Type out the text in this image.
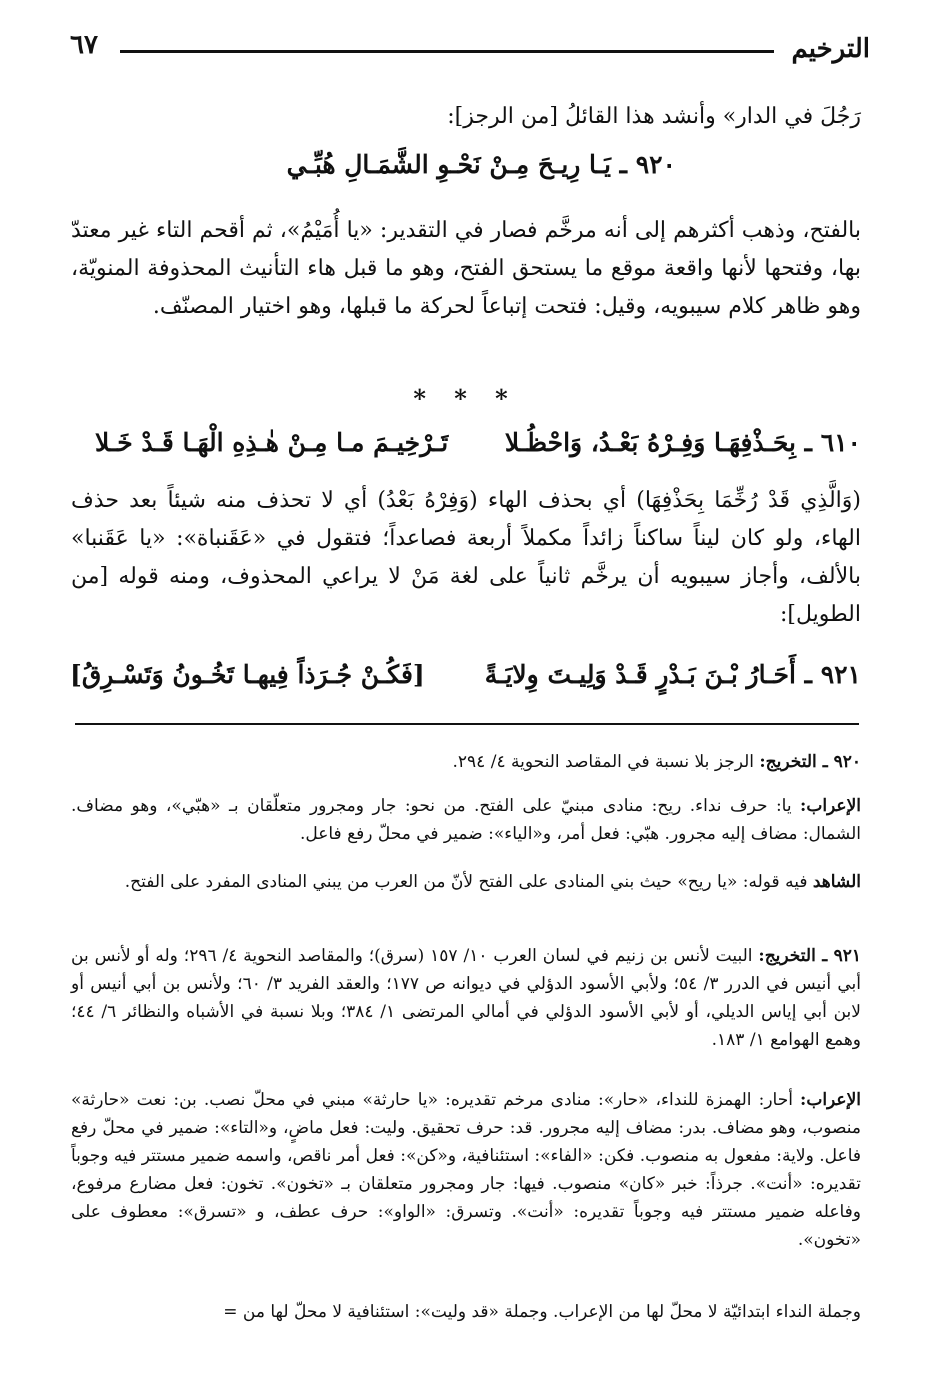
الترخيم
٦٧

رَجُلَ في الدار» وأنشد هذا القائلُ [من الرجز]:

٩٢٠ ـ يَـا رِيـحَ مِـنْ نَحْـوِ الشَّمَـالِ هُبِّـي

بالفتح، وذهب أكثرهم إلى أنه مرخَّم فصار في التقدير: «يا أُمَيْمُ»، ثم أقحم التاء غير معتدّ بها، وفتحها لأنها واقعة موقع ما يستحق الفتح، وهو ما قبل هاء التأنيث المحذوفة المنويّة، وهو ظاهر كلام سيبويه، وقيل: فتحت إتباعاً لحركة ما قبلها، وهو اختيار المصنّف.

* * *
٦١٠ ـ بِحَـذْفِهَـا وَفِـرْهُ بَعْـدُ، وَاحْظُـلا
تَـرْخِيـمَ مـا مِـنْ هٰـذِهِ الْهَـا قَـدْ خَـلا

(وَالَّذِي قَدْ رُخِّمَا بِحَذْفِهَا) أي بحذف الهاء (وَفِرْهُ بَعْدُ) أي لا تحذف منه شيئاً بعد حذف الهاء، ولو كان ليناً ساكناً زائداً مكملاً أربعة فصاعداً؛ فتقول في «عَقَنباة»: «يا عَقَنبا» بالألف، وأجاز سيبويه أن يرخَّم ثانياً على لغة مَنْ لا يراعي المحذوف، ومنه قوله [من الطويل]:

٩٢١ ـ أَحَـارُ بْـنَ بَـدْرٍ قَـدْ وَلِيـتَ وِلايَـةً
[فَكُـنْ جُـرَذاً فِيهـا تَخُـونُ وَتَسْـرِقُ]

٩٢٠ ـ التخريج: الرجز بلا نسبة في المقاصد النحوية ٤/ ٢٩٤.

الإعراب: يا: حرف نداء. ريح: منادى مبنيّ على الفتح. من نحو: جار ومجرور متعلّقان بـ «هبّي»، وهو مضاف. الشمال: مضاف إليه مجرور. هبّي: فعل أمر، و«الياء»: ضمير في محلّ رفع فاعل.

الشاهد فيه قوله: «يا ريح» حيث بني المنادى على الفتح لأنّ من العرب من يبني المنادى المفرد على الفتح.

٩٢١ ـ التخريج: البيت لأنس بن زنيم في لسان العرب ١٠/ ١٥٧ (سرق)؛ والمقاصد النحوية ٤/ ٢٩٦؛ وله أو لأنس بن أبي أنيس في الدرر ٣/ ٥٤؛ ولأبي الأسود الدؤلي في ديوانه ص ١٧٧؛ والعقد الفريد ٣/ ٦٠؛ ولأنس بن أبي أنيس أو لابن أبي إياس الديلي، أو لأبي الأسود الدؤلي في أمالي المرتضى ١/ ٣٨٤؛ وبلا نسبة في الأشباه والنظائر ٦/ ٤٤؛ وهمع الهوامع ١/ ١٨٣.

الإعراب: أحار: الهمزة للنداء، «حار»: منادى مرخم تقديره: «يا حارثة» مبني في محلّ نصب. بن: نعت «حارثة» منصوب، وهو مضاف. بدر: مضاف إليه مجرور. قد: حرف تحقيق. وليت: فعل ماضٍ، و«التاء»: ضمير في محلّ رفع فاعل. ولاية: مفعول به منصوب. فكن: «الفاء»: استئنافية، و«كن»: فعل أمر ناقص، واسمه ضمير مستتر فيه وجوباً تقديره: «أنت». جرذاً: خبر «كان» منصوب. فيها: جار ومجرور متعلقان بـ «تخون». تخون: فعل مضارع مرفوع، وفاعله ضمير مستتر فيه وجوباً تقديره: «أنت». وتسرق: «الواو»: حرف عطف، و «تسرق»: معطوف على «تخون».

وجملة النداء ابتدائيّة لا محلّ لها من الإعراب. وجملة «قد وليت»: استئنافية لا محلّ لها من =
